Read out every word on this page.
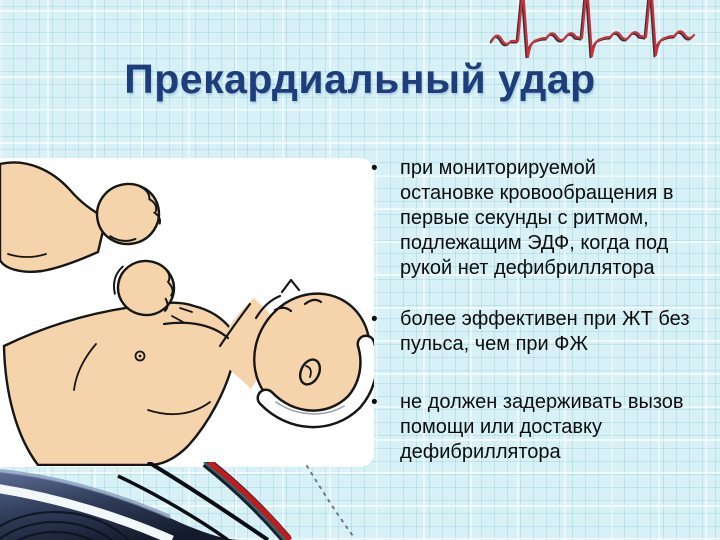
Прекардиальный удар
•	при мониторируемой остановке кровообращения в первые секунды с ритмом, подлежащим ЭДФ, когда под рукой нет дефибриллятора
•	более эффективен при ЖТ без пульса, чем при ФЖ
•	не должен задерживать вызов помощи или доставку дефибриллятора
